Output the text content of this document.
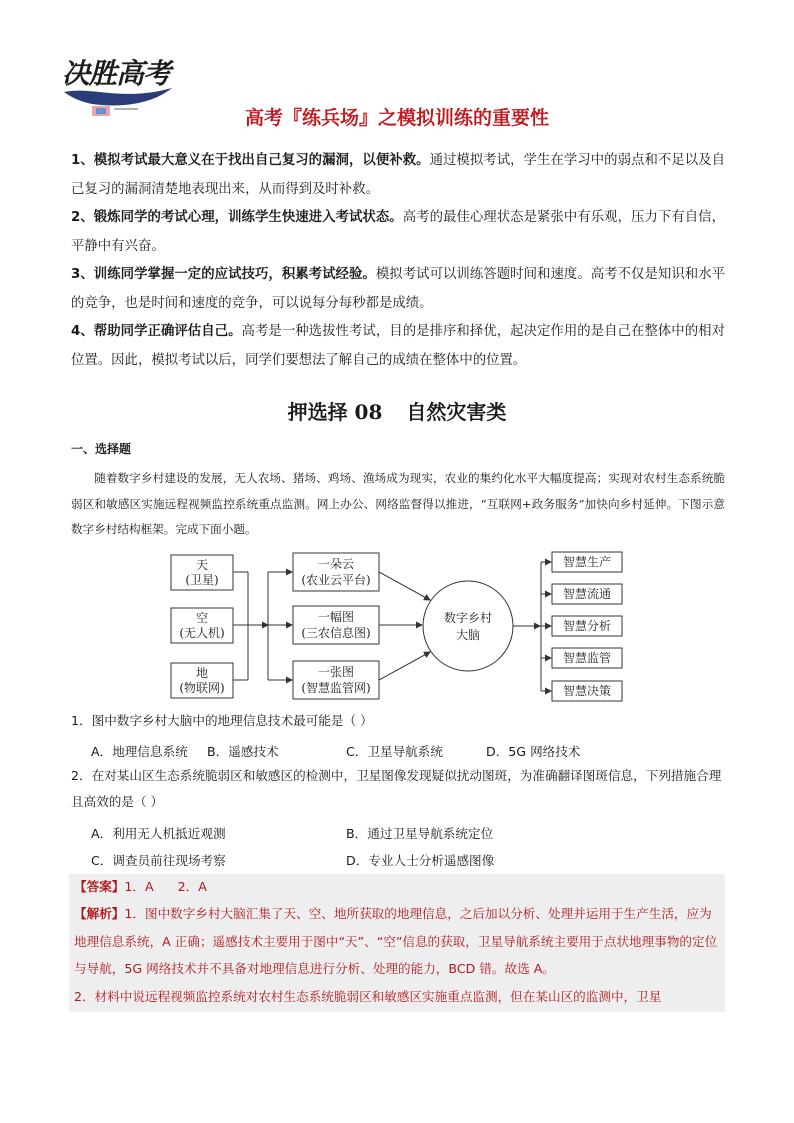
决胜高考
高考『练兵场』之模拟训练的重要性
1、模拟考试最大意义在于找出自己复习的漏洞，以便补救。通过模拟考试，学生在学习中的弱点和不足以及自己复习的漏洞清楚地表现出来，从而得到及时补救。
2、锻炼同学的考试心理，训练学生快速进入考试状态。高考的最佳心理状态是紧张中有乐观，压力下有自信，平静中有兴奋。
3、训练同学掌握一定的应试技巧，积累考试经验。模拟考试可以训练答题时间和速度。高考不仅是知识和水平的竞争，也是时间和速度的竞争，可以说每分每秒都是成绩。
4、帮助同学正确评估自己。高考是一种选拔性考试，目的是排序和择优，起决定作用的是自己在整体中的相对位置。因此，模拟考试以后，同学们要想法了解自己的成绩在整体中的位置。
押选择 08 自然灾害类
一、选择题
随着数字乡村建设的发展，无人农场、猪场、鸡场、渔场成为现实，农业的集约化水平大幅度提高；实现对农村生态系统脆弱区和敏感区实施远程视频监控系统重点监测。网上办公、网络监督得以推进，“互联网+政务服务”加快向乡村延伸。下图示意数字乡村结构框架。完成下面小题。
天
(卫星)
空
(无人机)
地
(物联网)
一朵云
(农业云平台)
一幅图
(三农信息图)
一张图
(智慧监管网)
数字乡村
大脑
智慧生产
智慧流通
智慧分析
智慧监管
智慧决策
1．图中数字乡村大脑中的地理信息技术最可能是（ ）
A．地理信息系统 B．遥感技术	C．卫星导航系统	D．5G 网络技术
2．在对某山区生态系统脆弱区和敏感区的检测中，卫星图像发现疑似扰动图斑，为准确翻译图斑信息，下列措施合理且高效的是（ ）
A．利用无人机抵近观测	B．通过卫星导航系统定位
C．调查员前往现场考察	D．专业人士分析遥感图像
【答案】1．A      2．A
【解析】1．图中数字乡村大脑汇集了天、空、地所获取的地理信息，之后加以分析、处理并运用于生产生活，应为地理信息系统，A 正确；遥感技术主要用于图中“天”、“空”信息的获取，卫星导航系统主要用于点状地理事物的定位与导航，5G 网络技术并不具备对地理信息进行分析、处理的能力，BCD 错。故选 A。
2．材料中说远程视频监控系统对农村生态系统脆弱区和敏感区实施重点监测，但在某山区的监测中，卫星
